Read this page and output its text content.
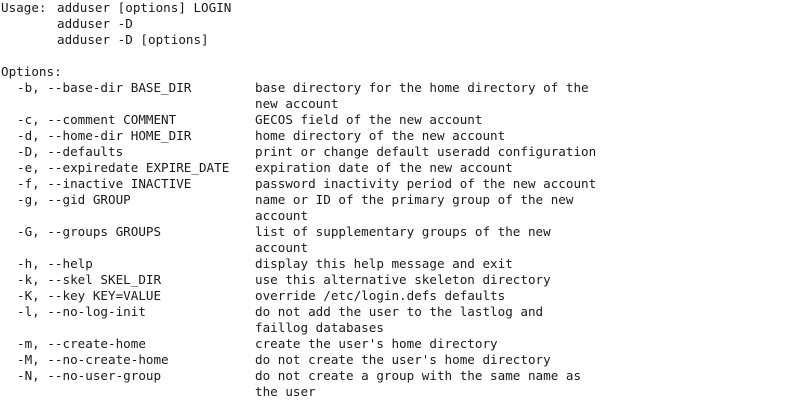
Usage: adduser [options] LOGIN
adduser -D
adduser -D [options]
Options:
-b, --base-dir BASE_DIR	base directory for the home directory of the
new account
-c, --comment COMMENT	GECOS field of the new account
-d, --home-dir HOME_DIR	home directory of the new account
-D, --defaults	print or change default useradd configuration
-e, --expiredate EXPIRE_DATE	expiration date of the new account
-f, --inactive INACTIVE	password inactivity period of the new account
-g, --gid GROUP	name or ID of the primary group of the new
account
-G, --groups GROUPS	list of supplementary groups of the new
account
-h, --help	display this help message and exit
-k, --skel SKEL_DIR	use this alternative skeleton directory
-K, --key KEY=VALUE	override /etc/login.defs defaults
-l, --no-log-init	do not add the user to the lastlog and
faillog databases
-m, --create-home	create the user's home directory
-M, --no-create-home	do not create the user's home directory
-N, --no-user-group	do not create a group with the same name as
the user
